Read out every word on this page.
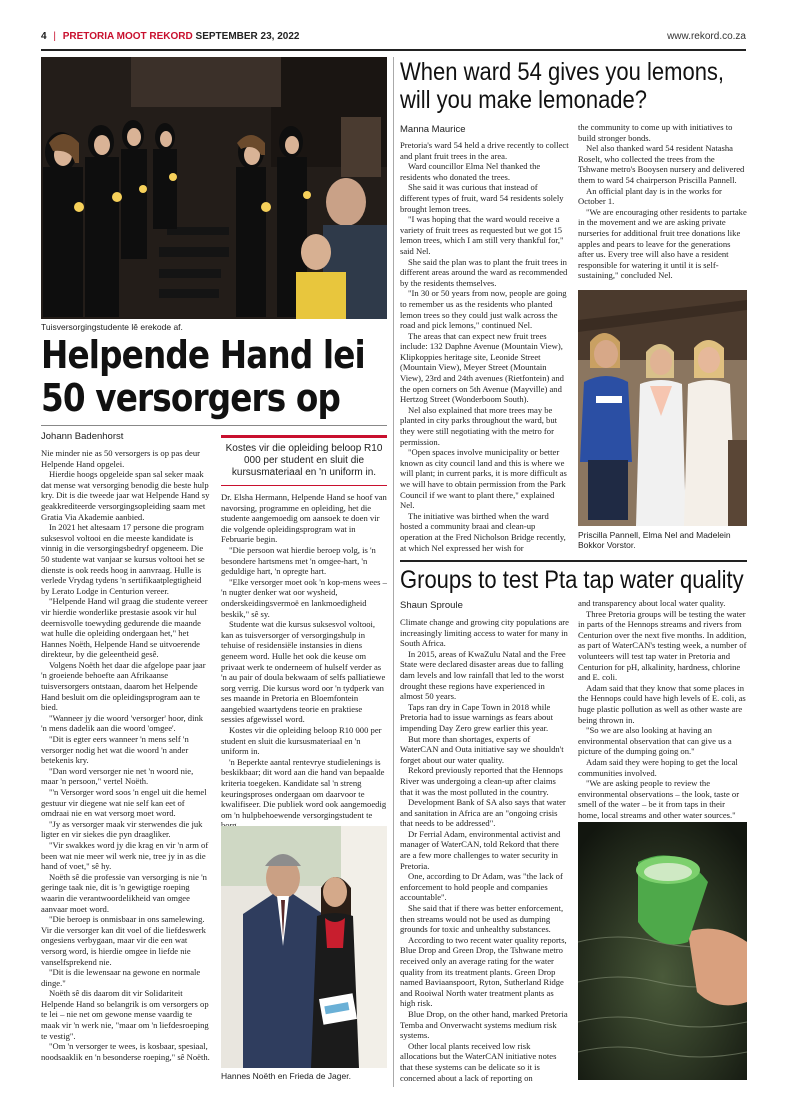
4 | PRETORIA MOOT REKORD SEPTEMBER 23, 2022	www.rekord.co.za
Tuisversorgingstudente lê erekode af.
Helpende Hand lei 50 versorgers op
Johann Badenhorst

Nie minder nie as 50 versorgers is op pas deur Helpende Hand opgelei.

Hierdie hoogs opgeleide span sal seker maak dat mense wat versorging benodig die beste hulp kry. Dit is die tweede jaar wat Helpende Hand sy geakkrediteerde versorgingsopleiding saam met Gratia Via Akademie aanbied.

In 2021 het altesaam 17 persone die program suksesvol voltooi en die meeste kandidate is vinnig in die versorgingsbedryf opgeneem. Die 50 studente wat vanjaar se kursus voltooi het se dienste is ook reeds hoog in aanvraag. Hulle is verlede Vrydag tydens 'n sertifikaatplegtigheid by Lerato Lodge in Centurion vereer.

"Helpende Hand wil graag die studente vereer vir hierdie wonderlike prestasie asook vir hul deernisvolle toewyding gedurende die maande wat hulle die opleiding ondergaan het," het Hannes Noëth, Helpende Hand se uitvoerende direkteur, by die geleentheid gesê.

Volgens Noëth het daar die afgelope paar jaar 'n groeiende behoefte aan Afrikaanse tuisversorgers ontstaan, daarom het Helpende Hand besluit om die opleidingsprogram aan te bied.

"Wanneer jy die woord 'versorger' hoor, dink 'n mens dadelik aan die woord 'omgee'.

"Dit is egter eers wanneer 'n mens self 'n versorger nodig het wat die woord 'n ander betekenis kry.

"Dan word versorger nie net 'n woord nie, maar 'n persoon," vertel Noëth.

"'n Versorger word soos 'n engel uit die hemel gestuur vir diegene wat nie self kan eet of omdraai nie en wat versorg moet word.

"Jy as versorger maak vir sterwendes die juk ligter en vir siekes die pyn draagliker.

"Vir swakkes word jy die krag en vir 'n arm of been wat nie meer wil werk nie, tree jy in as die hand of voet," sê hy.

Noëth sê die professie van versorging is nie 'n geringe taak nie, dit is 'n gewigtige roeping waarin die verantwoordelikheid van omgee aanvaar moet word.

"Die beroep is onmisbaar in ons samelewing. Vir die versorger kan dit voel of die liefdeswerk ongesiens verbygaan, maar vir die een wat versorg word, is hierdie omgee in liefde nie vanselfsprekend nie.

"Dit is die lewensaar na gewone en normale dinge."

Noëth sê dis daarom dit vir Solidariteit Helpende Hand so belangrik is om versorgers op te lei – nie net om gewone mense vaardig te maak vir 'n werk nie, "maar om 'n liefdesroeping te vestig".

"Om 'n versorger te wees, is kosbaar, spesiaal, noodsaaklik en 'n besonderse roeping," sê Noëth.

Kostes vir die opleiding beloop R10 000 per student en sluit die kursusmateriaal en 'n uniform in.

Dr. Elsha Hermann, Helpende Hand se hoof van navorsing, programme en opleiding, het die studente aangemoedig om aansoek te doen vir die volgende opleidingsprogram wat in Februarie begin.

"Die persoon wat hierdie beroep volg, is 'n besondere hartsmens met 'n omgee-hart, 'n geduldige hart, 'n opregte hart.

"Elke versorger moet ook 'n kop-mens wees – 'n nugter denker wat oor wysheid, onderskeidingsvermoë en lankmoedigheid beskik," sê sy.

Studente wat die kursus suksesvol voltooi, kan as tuisversorger of versorgingshulp in tehuise of residensiële instansies in diens geneem word. Hulle het ook die keuse om privaat werk te onderneem of hulself verder as 'n au pair of doula bekwaam of selfs palliatiewe sorg verrig. Die kursus word oor 'n tydperk van ses maande in Pretoria en Bloemfontein aangebied waartydens teorie en praktiese sessies afgewissel word.

Kostes vir die opleiding beloop R10 000 per student en sluit die kursusmateriaal en 'n uniform in.

'n Beperkte aantal rentevrye studielenings is beskikbaar; dit word aan die hand van bepaalde kriteria toegeken. Kandidate sal 'n streng keuringsproses ondergaan om daarvoor te kwalifiseer. Die publiek word ook aangemoedig om 'n hulpbehoewende versorgingstudent te

Hannes Noëth en Frieda de Jager.
When ward 54 gives you lemons,
will you make lemonade?
Manna Maurice

Pretoria's ward 54 held a drive recently to collect and plant fruit trees in the area.

Ward councillor Elma Nel thanked the residents who donated the trees.

She said it was curious that instead of different types of fruit, ward 54 residents solely brought lemon trees.

"I was hoping that the ward would receive a variety of fruit trees as requested but we got 15 lemon trees, which I am still very thankful for," said Nel.

She said the plan was to plant the fruit trees in different areas around the ward as recommended by the residents themselves.

"In 30 or 50 years from now, people are going to remember us as the residents who planted lemon trees so they could just walk across the road and pick lemons," continued Nel.

The areas that can expect new fruit trees include: 132 Daphne Avenue (Mountain View), Klipkoppies heritage site, Leonide Street (Mountain View), Meyer Street (Mountain View), 23rd and 24th avenues (Rietfontein) and the open corners on 5th Avenue (Mayville) and Hertzog Street (Wonderboom South).

Nel also explained that more trees may be planted in city parks throughout the ward, but they were still negotiating with the metro for permission.

"Open spaces involve municipality or better known as city council land and this is where we will plant; in current parks, it is more difficult as we will have to obtain permission from the Park Council if we want to plant there," explained Nel.

The initiative was birthed when the ward hosted a community braai and clean-up operation at the Fred Nicholson Bridge recently, at which Nel expressed her wish for

the community to come up with initiatives to build stronger bonds.

Nel also thanked ward 54 resident Natasha Roselt, who collected the trees from the Tshwane metro's Booysen nursery and delivered them to ward 54 chairperson Priscilla Pannell.

An official plant day is in the works for October 1.

"We are encouraging other residents to partake in the movement and we are asking private nurseries for additional fruit tree donations like apples and pears to leave for the generations after us. Every tree will also have a resident responsible for watering it until it is self-sustaining," concluded Nel.

Priscilla Pannell, Elma Nel and Madelein Bokkor Vorstor.
Groups to test Pta tap water quality
Shaun Sproule

Climate change and growing city populations are increasingly limiting access to water for many in South Africa.

In 2015, areas of KwaZulu Natal and the Free State were declared disaster areas due to falling dam levels and low rainfall that led to the worst drought these regions have experienced in almost 50 years.

Taps ran dry in Cape Town in 2018 while Pretoria had to issue warnings as fears about impending Day Zero grew earlier this year.

But more than shortages, experts of WaterCAN and Outa initiative say we shouldn't forget about our water quality.

Rekord previously reported that the Hennops River was undergoing a clean-up after claims that it was the most polluted in the country.

Development Bank of SA also says that water and sanitation in Africa are an "ongoing crisis that needs to be addressed".

Dr Ferrial Adam, environmental activist and manager of WaterCAN, told Rekord that there are a few more challenges to water security in Pretoria.

One, according to Dr Adam, was "the lack of enforcement to hold people and companies accountable".

She said that if there was better enforcement, then streams would not be used as dumping grounds for toxic and unhealthy substances.

According to two recent water quality reports, Blue Drop and Green Drop, the Tshwane metro received only an average rating for the water quality from its treatment plants. Green Drop named Baviaanspoort, Ryton, Sutherland Ridge and Rooiwal North water treatment plants as high risk.

Blue Drop, on the other hand, marked Pretoria Temba and Onverwacht systems medium risk systems.

Other local plants received low risk allocations but the WaterCAN initiative notes that these systems can be delicate so it is concerned about a lack of reporting on

and transparency about local water quality.

Three Pretoria groups will be testing the water in parts of the Hennops streams and rivers from Centurion over the next five months. In addition, as part of WaterCAN's testing week, a number of volunteers will test tap water in Pretoria and Centurion for pH, alkalinity, hardness, chlorine and E. coli.

Adam said that they know that some places in the Hennops could have high levels of E. coli, as huge plastic pollution as well as other waste are being thrown in.

"So we are also looking at having an environmental observation that can give us a picture of the dumping going on."

Adam said they were hoping to get the local communities involved.

"We are asking people to review the environmental observations – the look, taste or smell of the water – be it from taps in their home, local streams and other water sources."
